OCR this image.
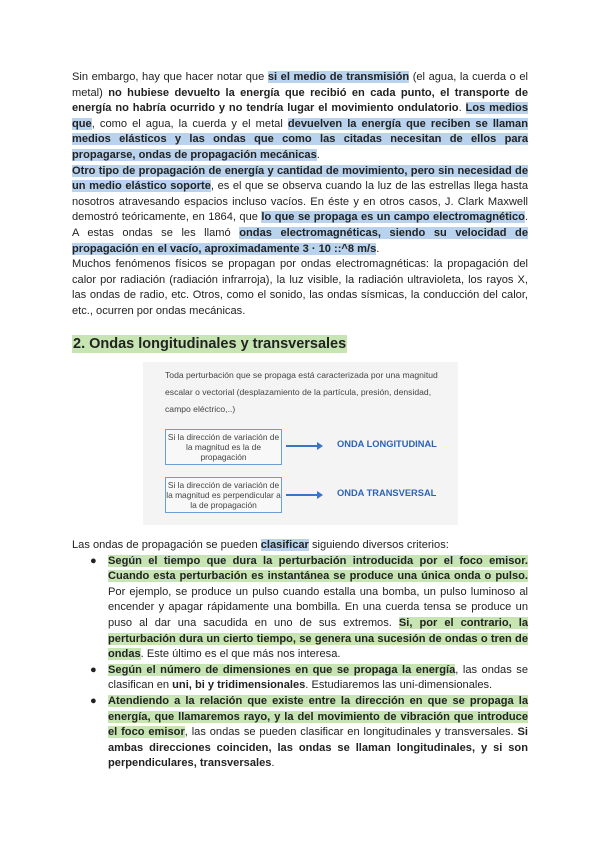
Sin embargo, hay que hacer notar que si el medio de transmisión (el agua, la cuerda o el metal) no hubiese devuelto la energía que recibió en cada punto, el transporte de energía no habría ocurrido y no tendría lugar el movimiento ondulatorio. Los medios que, como el agua, la cuerda y el metal devuelven la energía que reciben se llaman medios elásticos y las ondas que como las citadas necesitan de ellos para propagarse, ondas de propagación mecánicas.

Otro tipo de propagación de energía y cantidad de movimiento, pero sin necesidad de un medio elástico soporte, es el que se observa cuando la luz de las estrellas llega hasta nosotros atravesando espacios incluso vacíos. En éste y en otros casos, J. Clark Maxwell demostró teóricamente, en 1864, que lo que se propaga es un campo electromagnético. A estas ondas se les llamó ondas electromagnéticas, siendo su velocidad de propagación en el vacío, aproximadamente 3 · 10 ::^8 m/s.

Muchos fenómenos físicos se propagan por ondas electromagnéticas: la propagación del calor por radiación (radiación infrarroja), la luz visible, la radiación ultravioleta, los rayos X, las ondas de radio, etc. Otros, como el sonido, las ondas sísmicas, la conducción del calor, etc., ocurren por ondas mecánicas.

2. Ondas longitudinales y transversales
Toda perturbación que se propaga está caracterizada por una magnitud escalar o vectorial (desplazamiento de la partícula, presión, densidad, campo eléctrico,..)
Si la dirección de variación de la magnitud es la de propagación
ONDA LONGITUDINAL
Si la dirección de variación de la magnitud es perpendicular a la de propagación
ONDA TRANSVERSAL

Las ondas de propagación se pueden clasificar siguiendo diversos criterios:

● Según el tiempo que dura la perturbación introducida por el foco emisor. Cuando esta perturbación es instantánea se produce una única onda o pulso. Por ejemplo, se produce un pulso cuando estalla una bomba, un pulso luminoso al encender y apagar rápidamente una bombilla. En una cuerda tensa se produce un puso al dar una sacudida en uno de sus extremos. Si, por el contrario, la perturbación dura un cierto tiempo, se genera una sucesión de ondas o tren de ondas. Este último es el que más nos interesa.
● Según el número de dimensiones en que se propaga la energía, las ondas se clasifican en uni, bi y tridimensionales. Estudiaremos las uni-dimensionales.
● Atendiendo a la relación que existe entre la dirección en que se propaga la energía, que llamaremos rayo, y la del movimiento de vibración que introduce el foco emisor, las ondas se pueden clasificar en longitudinales y transversales. Si ambas direcciones coinciden, las ondas se llaman longitudinales, y si son perpendiculares, transversales.
